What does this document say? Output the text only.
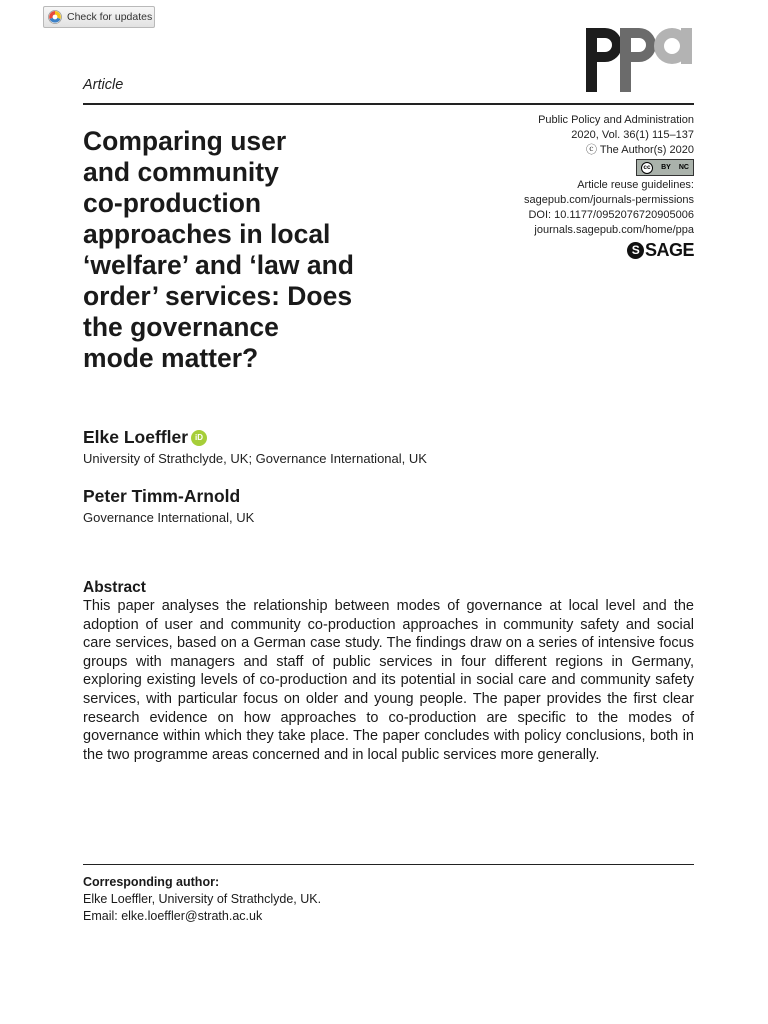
Check for updates
Article
Comparing user
and community
co-production
approaches in local
‘welfare’ and ‘law and
order’ services: Does
the governance
mode matter?
Public Policy and Administration
2020, Vol. 36(1) 115–137
ⓒ The Author(s) 2020
cc	BY NC
Article reuse guidelines:
sagepub.com/journals-permissions
DOI: 10.1177/0952076720905006
journals.sagepub.com/home/ppa
S SAGE
Elke Loeffler iD
University of Strathclyde, UK; Governance International, UK
Peter Timm-Arnold
Governance International, UK
Abstract

This paper analyses the relationship between modes of governance at local level and the adoption of user and community co-production approaches in community safety and social care services, based on a German case study. The findings draw on a series of intensive focus groups with managers and staff of public services in four different regions in Germany, exploring existing levels of co-production and its potential in social care and community safety services, with particular focus on older and young people. The paper provides the first clear research evidence on how approaches to co-production are specific to the modes of governance within which they take place. The paper concludes with policy conclusions, both in the two programme areas concerned and in local public services more generally.

Corresponding author:
Elke Loeffler, University of Strathclyde, UK.
Email: elke.loeffler@strath.ac.uk
